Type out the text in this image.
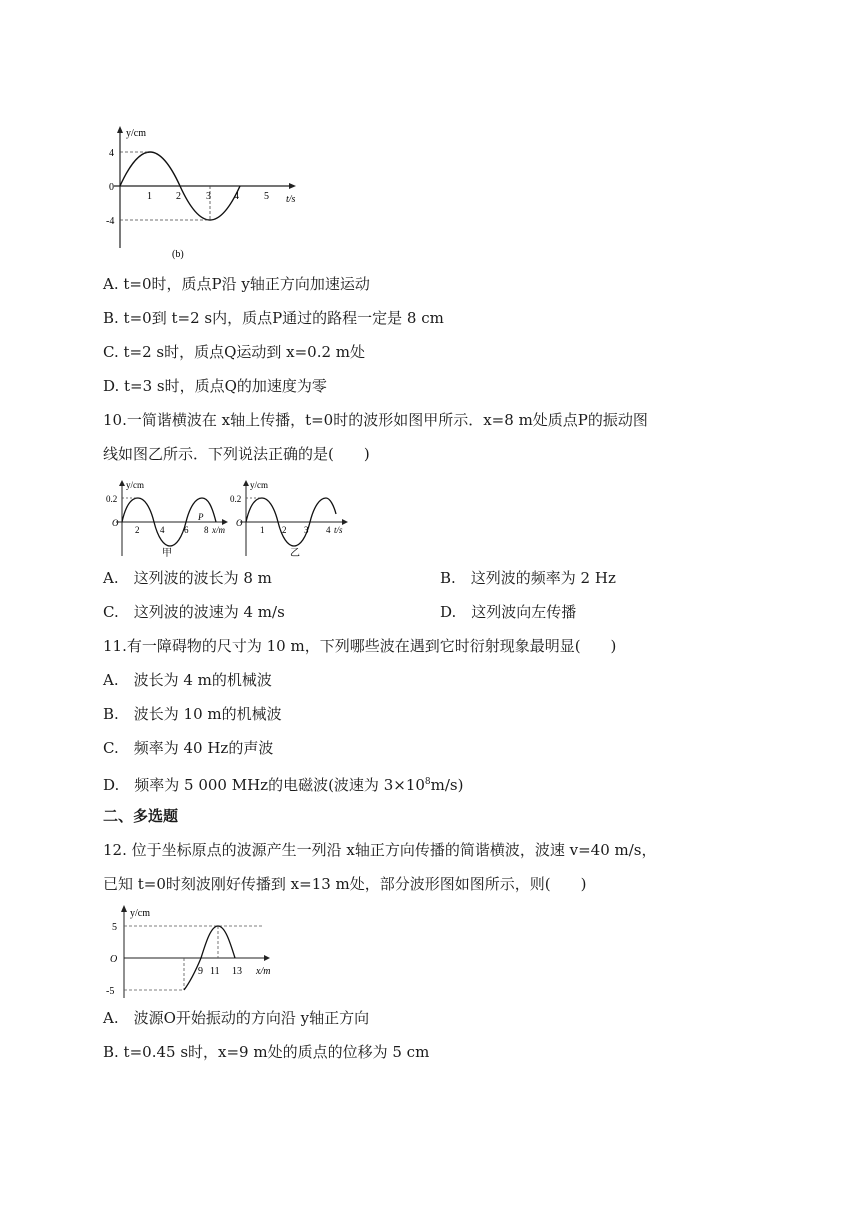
y/cm
4
0
-4
1 2	3 4	5 t/s
(b)
A. t=0时，质点P沿 y轴正方向加速运动
B. t=0到 t=2 s内，质点P通过的路程一定是 8 cm
C. t=2 s时，质点Q运动到 x=0.2 m处
D. t=3 s时，质点Q的加速度为零
10.一简谐横波在 x轴上传播，t=0时的波形如图甲所示．x=8 m处质点P的振动图
线如图乙所示．下列说法正确的是(　　)
y/cm
0.2
O
2 4 6
P
8 x/m
甲
y/cm
0.2
O
1 2 3 4 t/s
乙
A.　这列波的波长为 8 m	B.　这列波的频率为 2 Hz
C.　这列波的波速为 4 m/s	D.　这列波向左传播
11.有一障碍物的尺寸为 10 m，下列哪些波在遇到它时衍射现象最明显(　　)
A.　波长为 4 m的机械波
B.　波长为 10 m的机械波
C.　频率为 40 Hz的声波
D.　频率为 5 000 MHz的电磁波(波速为 $3\times 10^8m/s$)
二、多选题
12. 位于坐标原点的波源产生一列沿 x轴正方向传播的简谐横波，波速 v=40 m/s，
已知 t=0时刻波刚好传播到 x=13 m处，部分波形图如图所示，则(　　)
y/cm
5
O
-5
9 11 13 x/m
A.　波源O开始振动的方向沿 y轴正方向
B. t=0.45 s时，x=9 m处的质点的位移为 5 cm
